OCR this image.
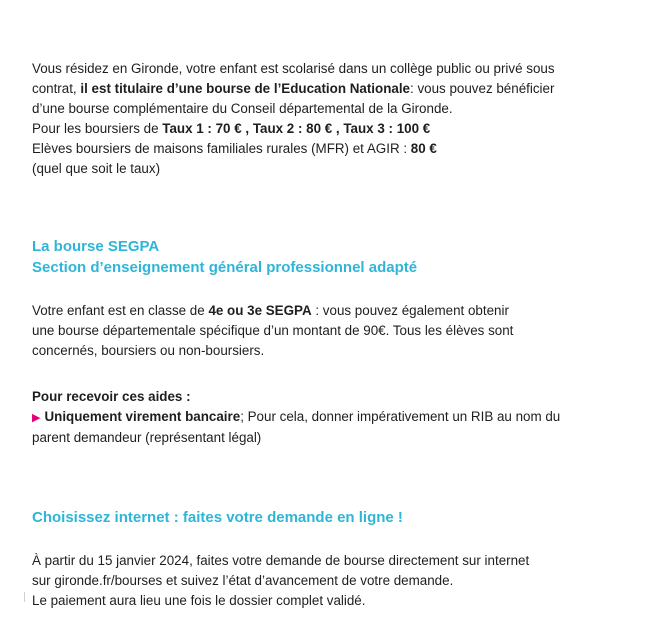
Vous résidez en Gironde, votre enfant est scolarisé dans un collège public ou privé sous
contrat, il est titulaire d’une bourse de l’Education Nationale: vous pouvez bénéficier
d’une bourse complémentaire du Conseil départemental de la Gironde.
Pour les boursiers de Taux 1 : 70 € , Taux 2 : 80 € , Taux 3 : 100 €
Elèves boursiers de maisons familiales rurales (MFR) et AGIR : 80 €
(quel que soit le taux)
La bourse SEGPA
Section d’enseignement général professionnel adapté
Votre enfant est en classe de 4e ou 3e SEGPA : vous pouvez également obtenir
une bourse départementale spécifique d’un montant de 90€. Tous les élèves sont
concernés, boursiers ou non-boursiers.
Pour recevoir ces aides :
▶ Uniquement virement bancaire; Pour cela, donner impérativement un RIB au nom du
parent demandeur (représentant légal)
Choisissez internet : faites votre demande en ligne !
À partir du 15 janvier 2024, faites votre demande de bourse directement sur internet
sur gironde.fr/bourses et suivez l’état d’avancement de votre demande.
Le paiement aura lieu une fois le dossier complet validé.
